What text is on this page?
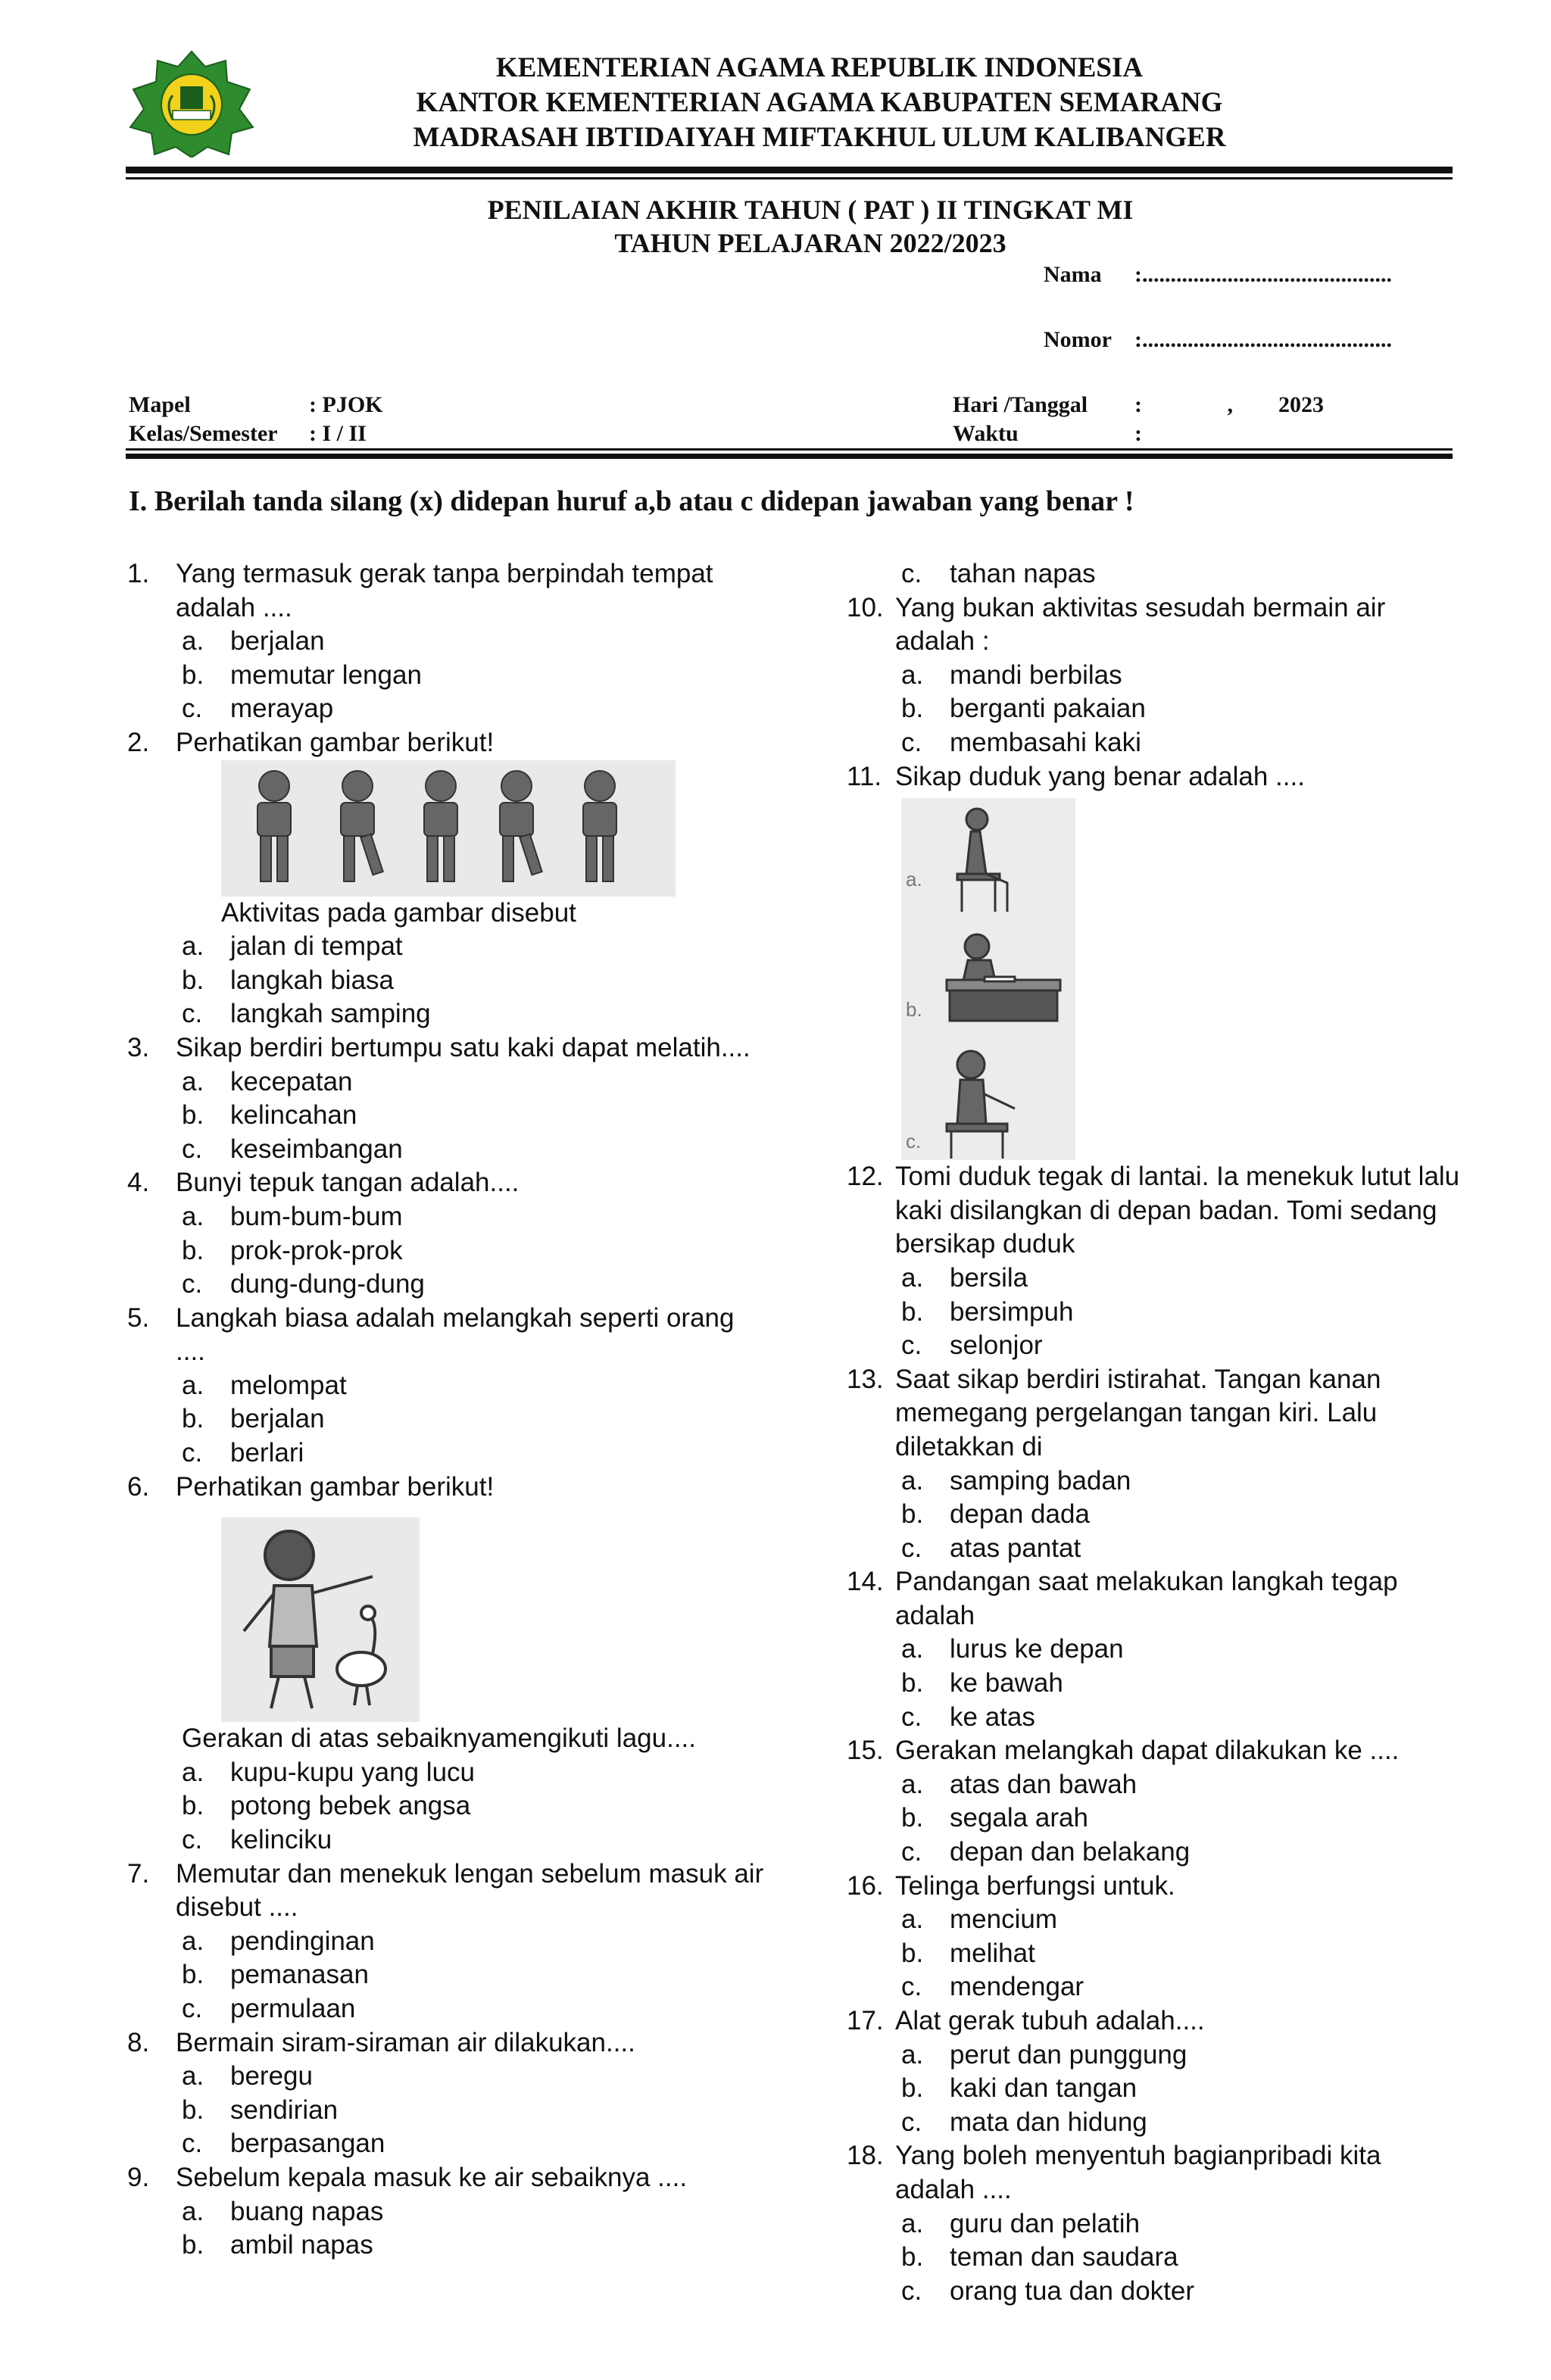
KEMENTERIAN AGAMA REPUBLIK INDONESIA
KANTOR KEMENTERIAN AGAMA KABUPATEN SEMARANG
MADRASAH IBTIDAIYAH MIFTAKHUL ULUM KALIBANGER
PENILAIAN AKHIR TAHUN ( PAT ) II TINGKAT MI
TAHUN PELAJARAN 2022/2023
Nama :............................................
Nomor :............................................
Mapel	: PJOK
Kelas/Semester : I / II
Hari /Tanggal :               ,        2023
Waktu	:
I. Berilah tanda silang (x) didepan huruf a,b atau c didepan jawaban yang benar !
1. Yang termasuk gerak tanpa berpindah tempat adalah ....
a. berjalan
b. memutar lengan
c. merayap
2. Perhatikan gambar berikut!
Aktivitas pada gambar disebut
a. jalan di tempat
b. langkah biasa
c. langkah samping
3. Sikap berdiri bertumpu satu kaki dapat melatih....
a. kecepatan
b. kelincahan
c. keseimbangan
4. Bunyi tepuk tangan adalah....
a. bum-bum-bum
b. prok-prok-prok
c. dung-dung-dung
5. Langkah biasa adalah melangkah seperti orang ....
a. melompat
b. berjalan
c. berlari
6. Perhatikan gambar berikut!
Gerakan di atas sebaiknyamengikuti lagu....
a. kupu-kupu yang lucu
b. potong bebek angsa
c. kelinciku
7. Memutar dan menekuk lengan sebelum masuk air disebut ....
a. pendinginan
b. pemanasan
c. permulaan
8. Bermain siram-siraman air dilakukan....
a. beregu
b. sendirian
c. berpasangan
9. Sebelum kepala masuk ke air sebaiknya ....
a. buang napas
b. ambil napas
c. tahan napas
10. Yang bukan aktivitas sesudah bermain air adalah :
a. mandi berbilas
b. berganti pakaian
c. membasahi kaki
11. Sikap duduk yang benar adalah ....
a.
b.
c.
12. Tomi duduk tegak di lantai. Ia menekuk lutut lalu kaki disilangkan di depan badan. Tomi sedang bersikap duduk
a. bersila
b. bersimpuh
c. selonjor
13. Saat sikap berdiri istirahat. Tangan kanan memegang pergelangan tangan kiri. Lalu diletakkan di
a. samping badan
b. depan dada
c. atas pantat
14. Pandangan saat melakukan langkah tegap adalah
a. lurus ke depan
b. ke bawah
c. ke atas
15. Gerakan melangkah dapat dilakukan ke ....
a. atas dan bawah
b. segala arah
c. depan dan belakang
16. Telinga berfungsi untuk.
a. mencium
b. melihat
c. mendengar
17. Alat gerak tubuh adalah....
a. perut dan punggung
b. kaki dan tangan
c. mata dan hidung
18. Yang boleh menyentuh bagianpribadi kita adalah ....
a. guru dan pelatih
b. teman dan saudara
c. orang tua dan dokter
